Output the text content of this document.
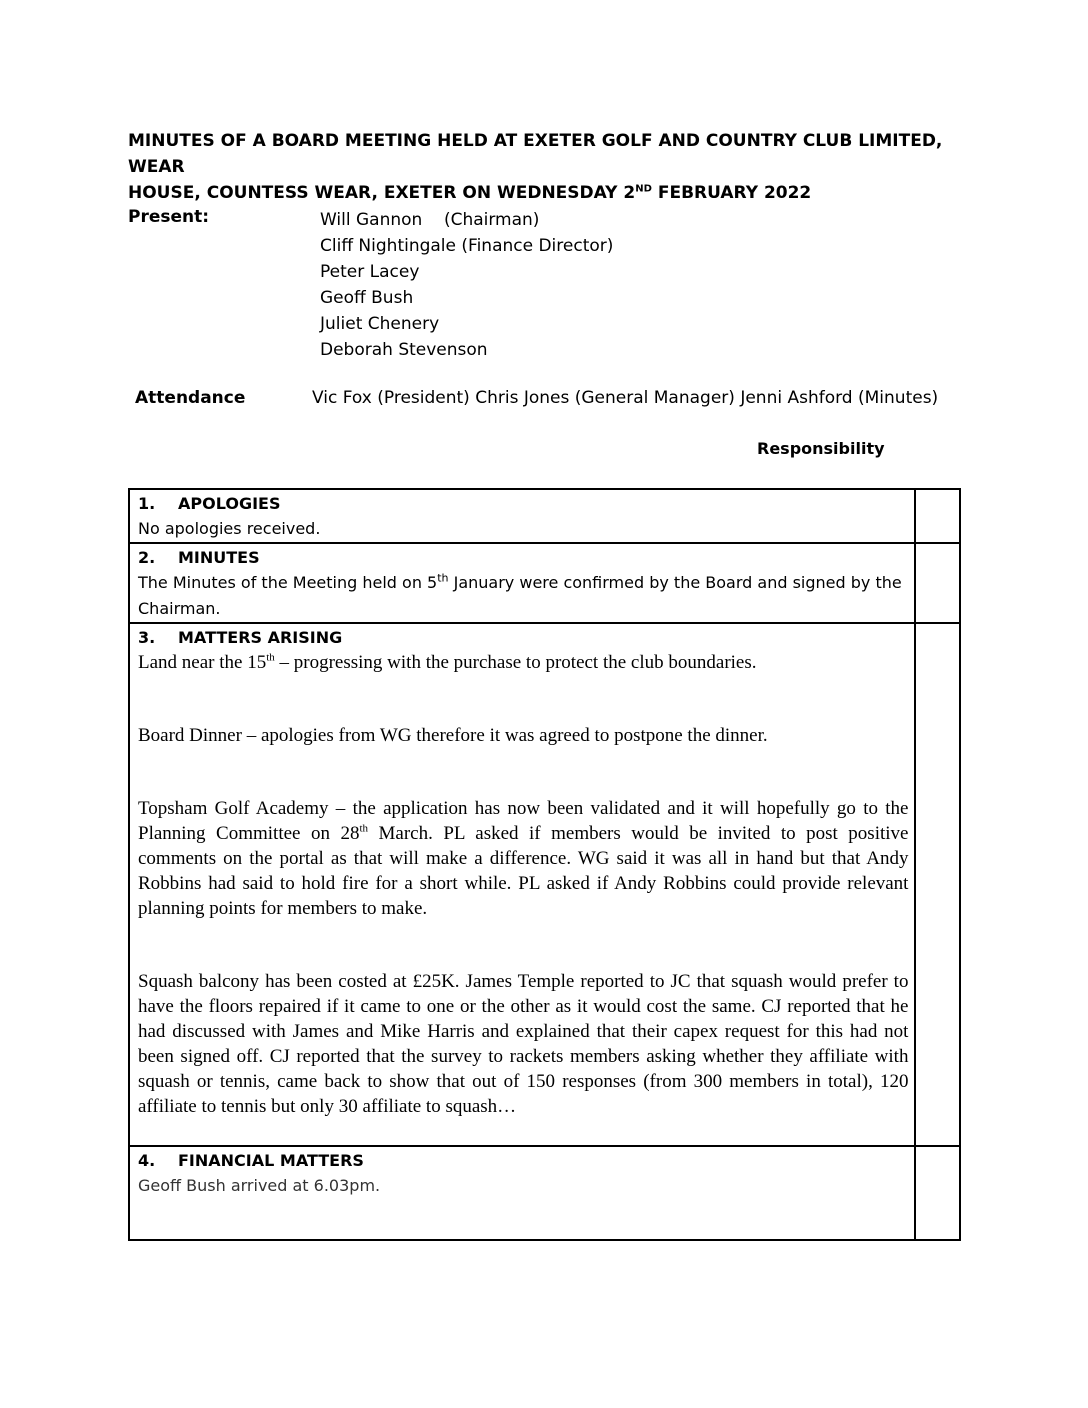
MINUTES OF A BOARD MEETING HELD AT EXETER GOLF AND COUNTRY CLUB LIMITED, WEAR
HOUSE, COUNTESS WEAR, EXETER ON WEDNESDAY 2ND FEBRUARY 2022
Present:	Will Gannon    (Chairman)
Cliff Nightingale (Finance Director)
Peter Lacey
Geoff Bush
Juliet Chenery
Deborah Stevenson
Attendance	Vic Fox (President) Chris Jones (General Manager) Jenni Ashford (Minutes)
Responsibility
1. APOLOGIES
No apologies received.	

2. MINUTES
The Minutes of the Meeting held on 5th January were confirmed by the Board and signed by the Chairman.	

3. MATTERS ARISING

Land near the 15th – progressing with the purchase to protect the club boundaries.

Board Dinner – apologies from WG therefore it was agreed to postpone the dinner.

Topsham Golf Academy – the application has now been validated and it will hopefully go to the Planning Committee on 28th March. PL asked if members would be invited to post positive comments on the portal as that will make a difference. WG said it was all in hand but that Andy Robbins had said to hold fire for a short while. PL asked if Andy Robbins could provide relevant planning points for members to make.

Squash balcony has been costed at £25K. James Temple reported to JC that squash would prefer to have the floors repaired if it came to one or the other as it would cost the same. CJ reported that he had discussed with James and Mike Harris and explained that their capex request for this had not been signed off. CJ reported that the survey to rackets members asking whether they affiliate with squash or tennis, came back to show that out of 150 responses (from 300 members in total), 120 affiliate to tennis but only 30 affiliate to squash…	

4. FINANCIAL MATTERS
Geoff Bush arrived at 6.03pm.	
